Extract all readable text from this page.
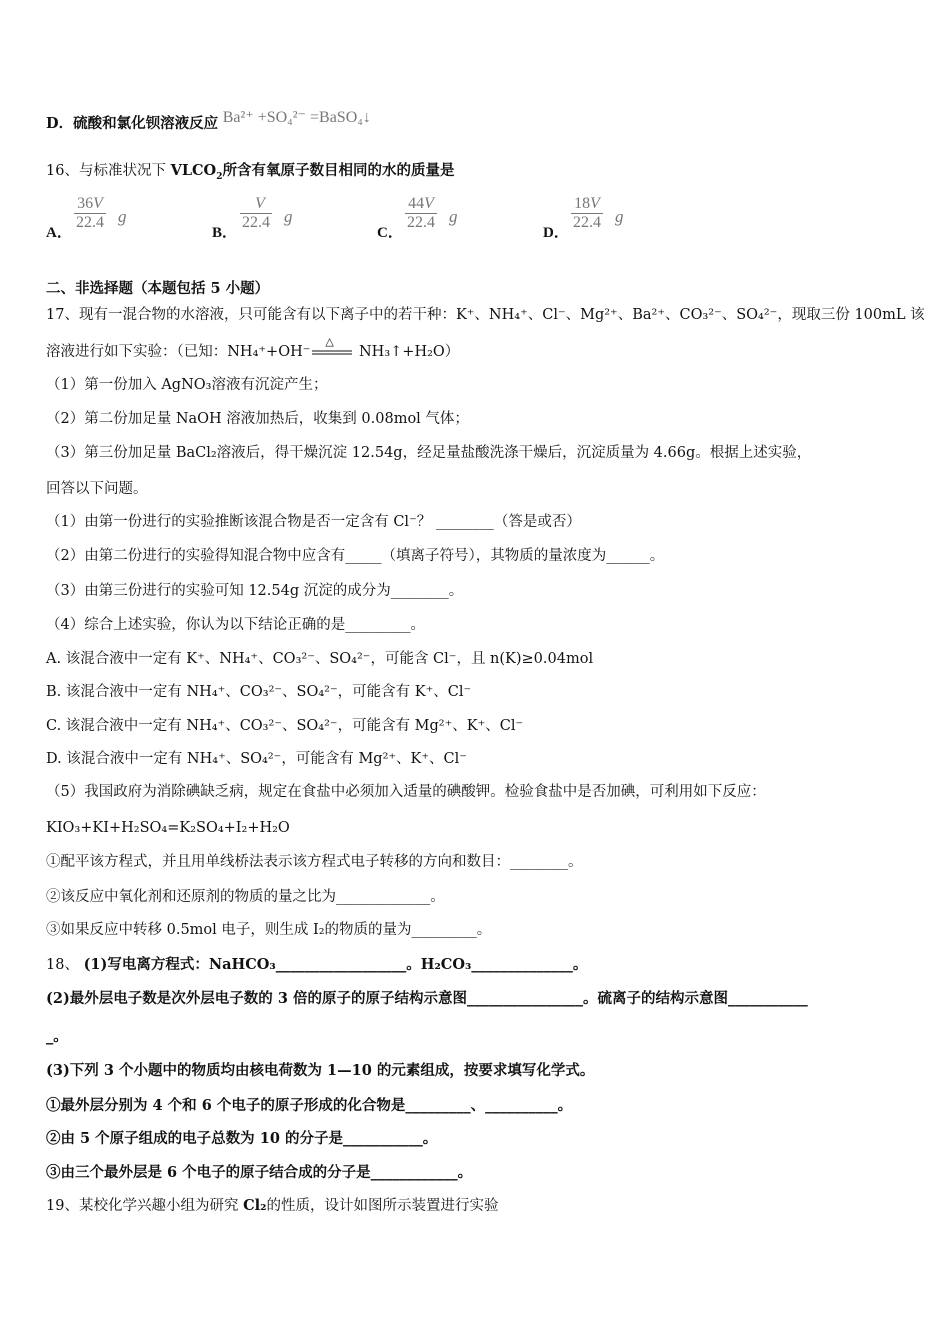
D．硫酸和氯化钡溶液反应 Ba²⁺ +SO₄²⁻ =BaSO₄↓
16、与标准状况下 $VLCO_2$所含有氧原子数目相同的水的质量是
A．
$\frac{36V}{22.4}$ g
B．
$\frac{V}{22.4}$ g
C．
$\frac{44V}{22.4}$ g
D．
$\frac{18V}{22.4}$ g
二、非选择题（本题包括 5 小题）
17、现有一混合物的水溶液，只可能含有以下离子中的若干种：K⁺、NH₄⁺、Cl⁻、Mg²⁺、Ba²⁺、CO₃²⁻、SO₄²⁻，现取三份 100mL 该
溶液进行如下实验：（已知：NH₄⁺+OH⁻
△
NH₃↑+H₂O）
（1）第一份加入 AgNO₃溶液有沉淀产生；
（2）第二份加足量 NaOH 溶液加热后，收集到 0.08mol 气体；
（3）第三份加足量 BaCl₂溶液后，得干燥沉淀 12.54g，经足量盐酸洗涤干燥后，沉淀质量为 4.66g。根据上述实验，
回答以下问题。
（1）由第一份进行的实验推断该混合物是否一定含有 Cl⁻？ ________（答是或否）
（2）由第二份进行的实验得知混合物中应含有_____（填离子符号），其物质的量浓度为______。
（3）由第三份进行的实验可知 12.54g 沉淀的成分为________。
（4）综合上述实验，你认为以下结论正确的是_________。
A. 该混合液中一定有 K⁺、NH₄⁺、CO₃²⁻、SO₄²⁻，可能含 Cl⁻，且 n(K)≥0.04mol
B. 该混合液中一定有 NH₄⁺、CO₃²⁻、SO₄²⁻，可能含有 K⁺、Cl⁻
C. 该混合液中一定有 NH₄⁺、CO₃²⁻、SO₄²⁻，可能含有 Mg²⁺、K⁺、Cl⁻
D. 该混合液中一定有 NH₄⁺、SO₄²⁻，可能含有 Mg²⁺、K⁺、Cl⁻
（5）我国政府为消除碘缺乏病，规定在食盐中必须加入适量的碘酸钾。检验食盐中是否加碘，可利用如下反应：
KIO₃+KI+H₂SO₄=K₂SO₄+I₂+H₂O
①配平该方程式，并且用单线桥法表示该方程式电子转移的方向和数目：________。
②该反应中氧化剂和还原剂的物质的量之比为_____________。
③如果反应中转移 0.5mol 电子，则生成 I₂的物质的量为_________。
18、 (1)写电离方程式：NaHCO₃__________________。H₂CO₃______________。
(2)最外层电子数是次外层电子数的 3 倍的原子的原子结构示意图________________。硫离子的结构示意图___________
_。
(3)下列 3 个小题中的物质均由核电荷数为 1—10 的元素组成，按要求填写化学式。
①最外层分别为 4 个和 6 个电子的原子形成的化合物是_________、__________。
②由 5 个原子组成的电子总数为 10 的分子是___________。
③由三个最外层是 6 个电子的原子结合成的分子是____________。
19、某校化学兴趣小组为研究 Cl₂的性质，设计如图所示装置进行实验
